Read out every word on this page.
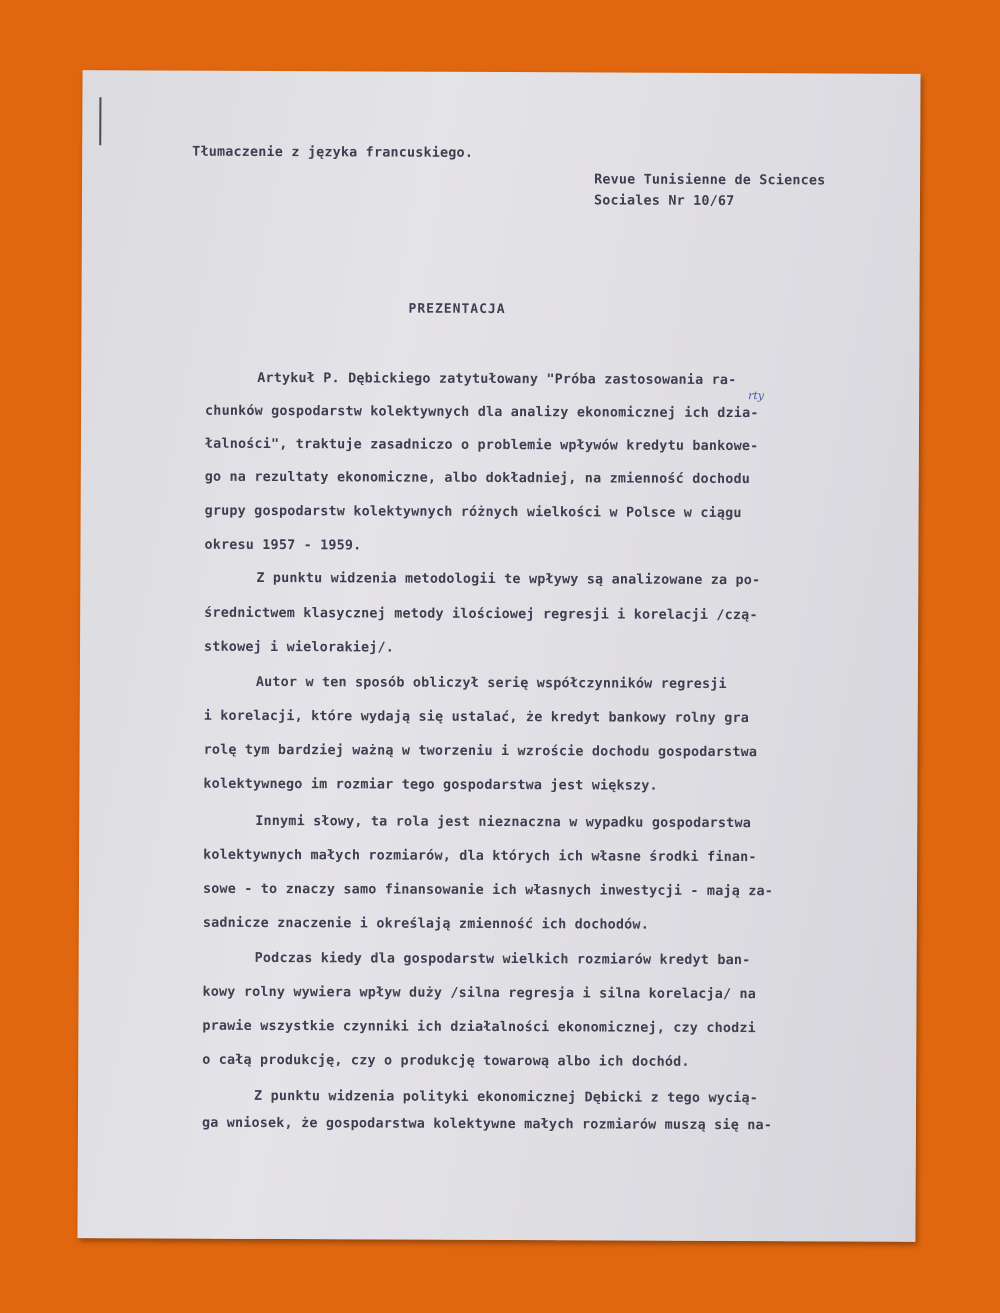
Tłumaczenie z języka francuskiego.
Revue Tunisienne de Sciences
Sociales Nr 10/67
PREZENTACJA
rty
Artykuł P. Dębickiego zatytułowany "Próba zastosowania ra-
chunków gospodarstw kolektywnych dla analizy ekonomicznej ich dzia-
łalności", traktuje zasadniczo o problemie wpływów kredytu bankowe-
go na rezultaty ekonomiczne, albo dokładniej, na zmienność dochodu
grupy gospodarstw kolektywnych różnych wielkości w Polsce w ciągu
okresu 1957 - 1959.
Z punktu widzenia metodologii te wpływy są analizowane za po-
średnictwem klasycznej metody ilościowej regresji i korelacji /czą-
stkowej i wielorakiej/.
Autor w ten sposób obliczył serię współczynników regresji
i korelacji, które wydają się ustalać, że kredyt bankowy rolny gra
rolę tym bardziej ważną w tworzeniu i wzroście dochodu gospodarstwa
kolektywnego im rozmiar tego gospodarstwa jest większy.
Innymi słowy, ta rola jest nieznaczna w wypadku gospodarstwa
kolektywnych małych rozmiarów, dla których ich własne środki finan-
sowe - to znaczy samo finansowanie ich własnych inwestycji - mają za-
sadnicze znaczenie i określają zmienność ich dochodów.
Podczas kiedy dla gospodarstw wielkich rozmiarów kredyt ban-
kowy rolny wywiera wpływ duży /silna regresja i silna korelacja/ na
prawie wszystkie czynniki ich działalności ekonomicznej, czy chodzi
o całą produkcję, czy o produkcję towarową albo ich dochód.
Z punktu widzenia polityki ekonomicznej Dębicki z tego wycią-
ga wniosek, że gospodarstwa kolektywne małych rozmiarów muszą się na-
